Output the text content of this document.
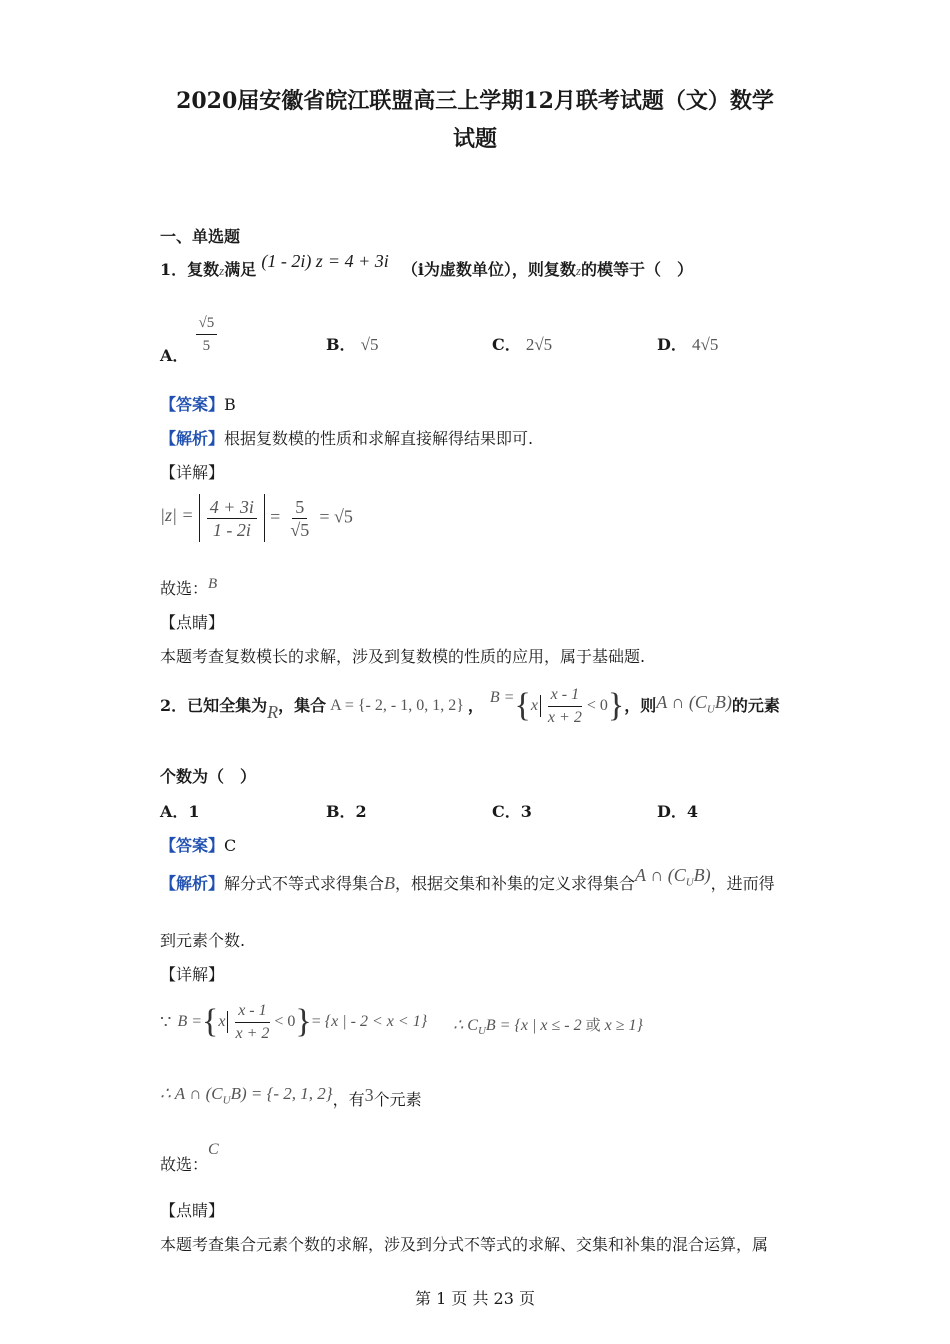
2020届安徽省皖江联盟高三上学期12月联考试题（文）数学
试题
一、单选题
1．复数z满足 (1 - 2i) z = 4 + 3i （i为虚数单位），则复数z的模等于（　）
A． $\frac{√5}{5}$	B． √5	C． 2√5	D． 4√5
【答案】B
【解析】根据复数模的性质和求解直接解得结果即可.
【详解】
$|z| = \frac{4 + 3i}{1 - 2i} = \frac{5}{√5} = √5$
故选：B
【点睛】
本题考查复数模长的求解，涉及到复数模的性质的应用，属于基础题.
2． 已知全集为 R ，集合 A = {- 2, - 1, 0, 1, 2} ， B = { x $\frac{x - 1}{x + 2} < 0$ } ，则 A ∩ $(C_UB)$ 的元素
个数为（　）
A．1	B．2	C．3	D．4
【答案】C
【解析】解分式不等式求得集合B，根据交集和补集的定义求得集合A ∩ $(C_UB)$，进而得
到元素个数.
【详解】
∵ B = { x $\frac{x - 1}{x + 2} < 0$ } = {x | - 2 < x < 1} ∴ $C_UB = \{x$ | x ≤ - 2 或 x ≥ 1}
∴ A ∩ $(C_UB)$ = {- 2, 1, 2}，有3个元素
故选：C
【点睛】
本题考查集合元素个数的求解，涉及到分式不等式的求解、交集和补集的混合运算，属
第 1 页 共 23 页
